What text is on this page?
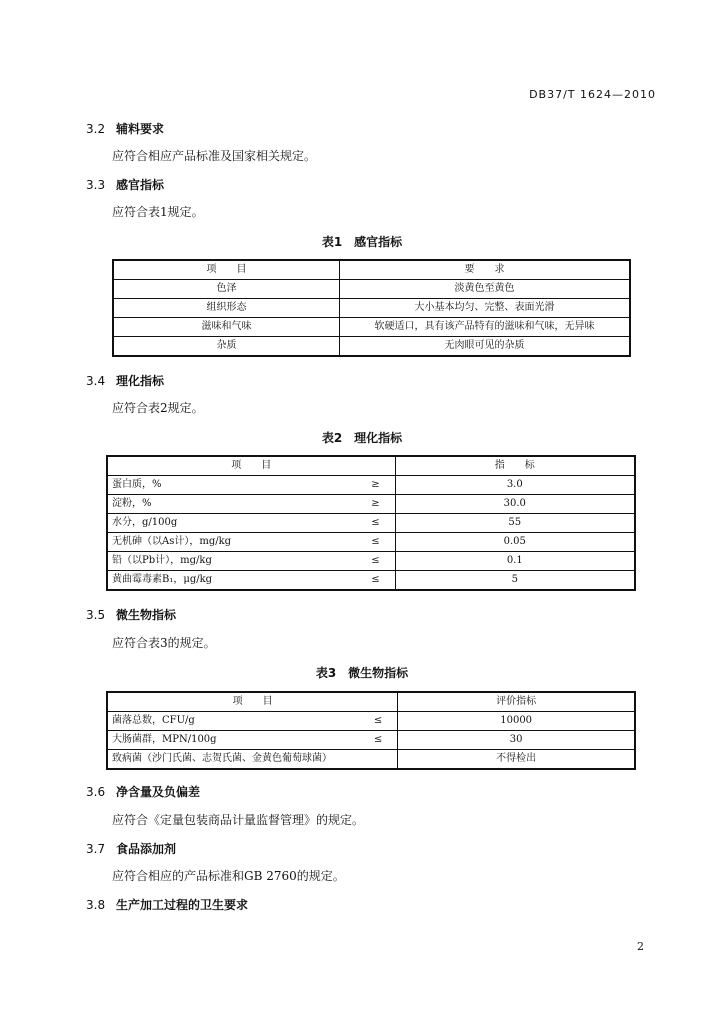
DB37/T 1624—2010
3.2 辅料要求
应符合相应产品标准及国家相关规定。
3.3 感官指标
应符合表1规定。
表1　感官指标
项　　目	要　　求
色泽	淡黄色至黄色
组织形态	大小基本均匀、完整、表面光滑
滋味和气味	软硬适口，具有该产品特有的滋味和气味，无异味
杂质	无肉眼可见的杂质
3.4 理化指标
应符合表2规定。
表2　理化指标
项　　目		指　　标
蛋白质，%	≥	3.0
淀粉，%	≥	30.0
水分，g/100g	≤	55
无机砷（以As计），mg/kg	≤	0.05
铅（以Pb计），mg/kg	≤	0.1
黄曲霉毒素B₁，μg/kg	≤	5
3.5 微生物指标
应符合表3的规定。
表3　微生物指标
项　　目		评价指标
菌落总数，CFU/g	≤	10000
大肠菌群，MPN/100g	≤	30
致病菌（沙门氏菌、志贺氏菌、金黄色葡萄球菌）		不得检出
3.6 净含量及负偏差
应符合《定量包装商品计量监督管理》的规定。
3.7 食品添加剂
应符合相应的产品标准和GB 2760的规定。
3.8 生产加工过程的卫生要求
2
